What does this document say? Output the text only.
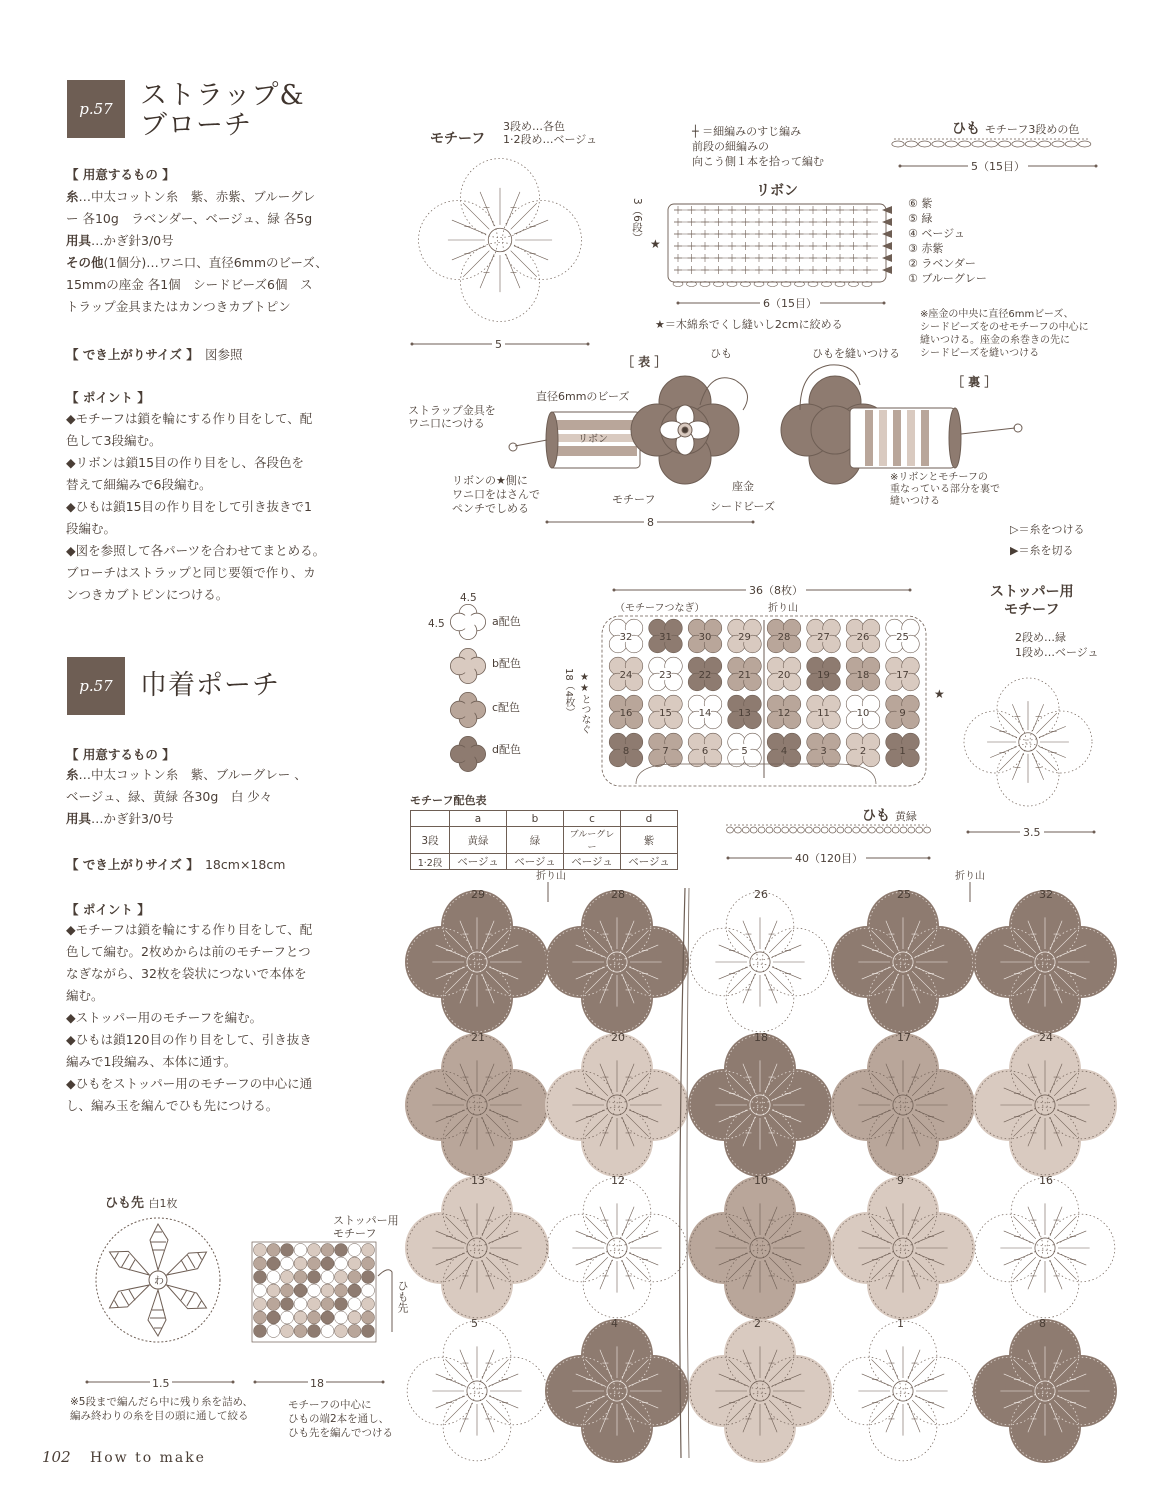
p.57	ストラップ&
ブローチ
【 用意するもの 】
糸…中太コットン糸　紫、赤紫、ブルーグレ
ー 各10g　ラベンダー、ベージュ、緑 各5g
用具…かぎ針3/0号
その他(1個分)…ワニ口、直径6mmのビーズ、
15mmの座金 各1個　シードビーズ6個　ス
トラップ金具またはカンつきカブトピン
【 でき上がりサイズ 】　 図参照
【 ポイント 】
◆モチーフは鎖を輪にする作り目をして、配
色して3段編む。
◆リボンは鎖15目の作り目をし、各段色を
替えて細編みで6段編む。
◆ひもは鎖15目の作り目をして引き抜きで1
段編む。
◆図を参照して各パーツを合わせてまとめる。
ブローチはストラップと同じ要領で作り、カ
ンつきカブトピンにつける。
p.57	巾着ポーチ
【 用意するもの 】
糸…中太コットン糸　紫、ブルーグレー 、
ベージュ、緑、黄緑 各30g　白 少々
用具…かぎ針3/0号
【 でき上がりサイズ 】　 18cm×18cm
【 ポイント 】
◆モチーフは鎖を輪にする作り目をして、配
色して編む。2枚めからは前のモチーフとつ
なぎながら、32枚を袋状につないで本体を
編む。
◆ストッパー用のモチーフを編む。
◆ひもは鎖120目の作り目をして、引き抜き
編みで1段編み、本体に通す。
◆ひもをストッパー用のモチーフの中心に通
し、編み玉を編んでひも先につける。
ひも先 白1枚
わ
1.5
※5段まで編んだら中に残り糸を詰め、
編み終わりの糸を目の頭に通して絞る
ストッパー用
モチーフ
ひも先
18
モチーフの中心に
ひもの端2本を通し、
ひも先を編んでつける
102 How to make
モチーフ
3段め…各色
1·2段め…ベージュ
5
┼ ＝細編みのすじ編み
前段の細編みの
向こう側１本を拾って編む
リボン
3（6段）
★
⑥ 紫
⑤ 緑
④ ベージュ
③ 赤紫
② ラベンダー
① ブルーグレー
6（15目）
★＝木綿糸でくし縫いし2cmに絞める
ひも モチーフ3段めの色
5（15目）
※座金の中央に直径6mmビーズ、
シードビーズをのせモチーフの中心に
縫いつける。座金の糸巻きの先に
シードビーズを縫いつける
［ 表 ］
ひも	ひもを縫いつける
［ 裏 ］
直径6mmのビーズ
ストラップ金具を
ワニ口につける
リボン
リボンの★側に
ワニ口をはさんで
ペンチでしめる
モチーフ
座金
シードビーズ
※リボンとモチーフの
重なっている部分を裏で
縫いつける
8
▷＝糸をつける
▶＝糸を切る
4.5
4.5	a配色
b配色
c配色
d配色
36（8枚）
（モチーフつなぎ）	折り山
18（4枚） ★★とつなぐ
32	31	30	29	28	27	26	25
24	23	22	21	20	19	18	17
16	15	14	13	12	11	10	9
8	7	6	5	4	3	2	1
★
ストッパー用
モチーフ
2段め…緑
1段め…ベージュ
3.5
モチーフ配色表
	a	b	c	d
3段	黄緑	緑	ブルーグレー	紫
1·2段	ベージュ	ベージュ	ベージュ	ベージュ
ひも 黄緑
40（120目）
折り山	折り山
29	28	26	25	32
21	20	18	17	24
13	12	10	9	16
5	4	2	1	8
